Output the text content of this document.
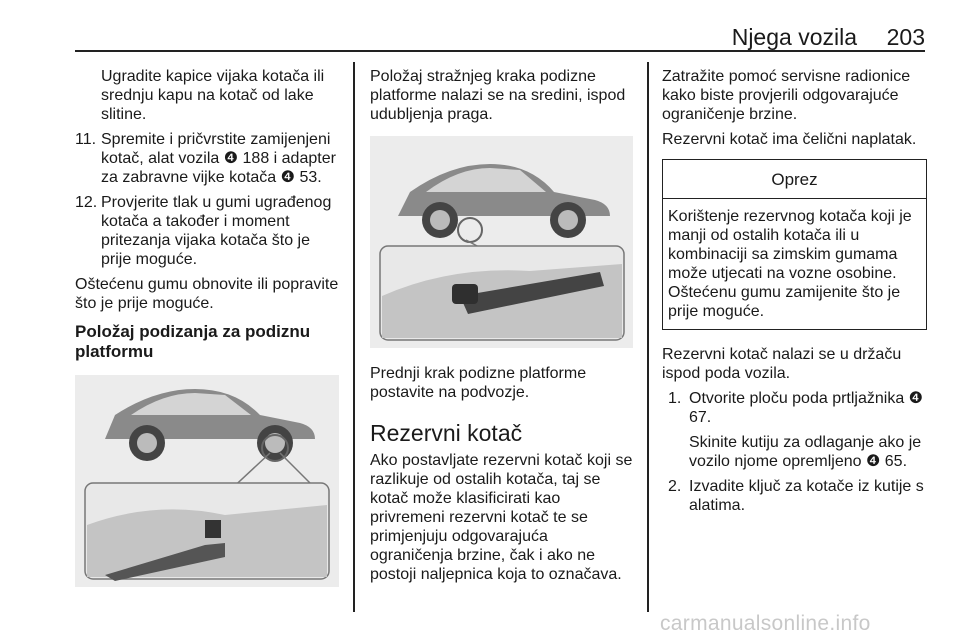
Njega vozila 203

Ugradite kapice vijaka kotača ili srednju kapu na kotač od lake slitine.

11. Spremite i pričvrstite zamijenjeni kotač, alat vozila ❹ 188 i adapter za zabravne vijke kotača ❹ 53.

12. Provjerite tlak u gumi ugrađenog kotača a također i moment pritezanja vijaka kotača što je prije moguće.

Oštećenu gumu obnovite ili popravite što je prije moguće.

Položaj podizanja za podiznu platformu

Položaj stražnjeg kraka podizne platforme nalazi se na sredini, ispod udubljenja praga.

Prednji krak podizne platforme postavite na podvozje.

Rezervni kotač

Ako postavljate rezervni kotač koji se razlikuje od ostalih kotača, taj se kotač može klasificirati kao privremeni rezervni kotač te se primjenjuju odgovarajuća ograničenja brzine, čak i ako ne postoji naljepnica koja to označava.

Zatražite pomoć servisne radionice kako biste provjerili odgovarajuće ograničenje brzine.

Rezervni kotač ima čelični naplatak.

Oprez
Korištenje rezervnog kotača koji je manji od ostalih kotača ili u kombinaciji sa zimskim gumama može utjecati na vozne osobine. Oštećenu gumu zamijenite što je prije moguće.

Rezervni kotač nalazi se u držaču ispod poda vozila.

1. Otvorite ploču poda prtljažnika ❹ 67.

Skinite kutiju za odlaganje ako je vozilo njome opremljeno ❹ 65.

2. Izvadite ključ za kotače iz kutije s alatima.

carmanualsonline.info
